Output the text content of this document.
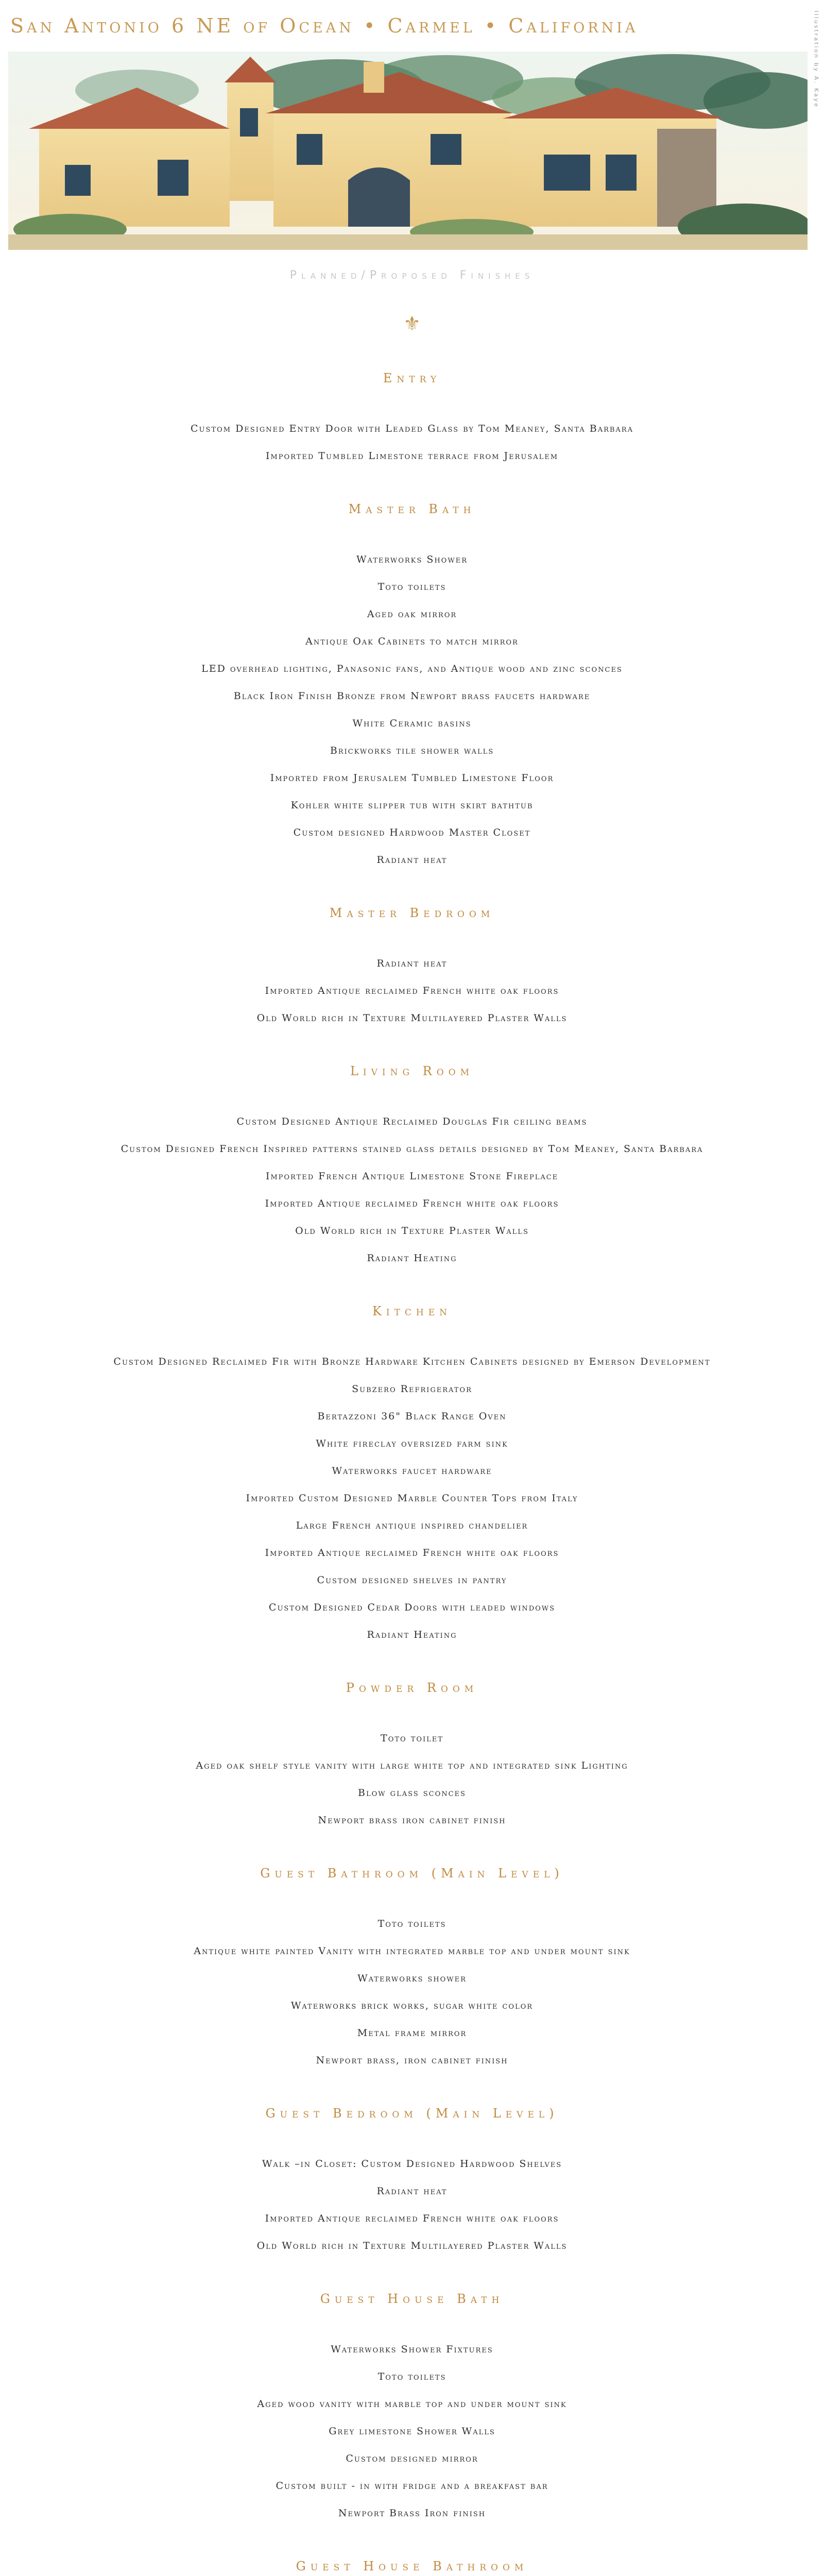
San Antonio 6 NE of Ocean • Carmel • California	Illustration by A. Kaye
Planned/Proposed Finishes
⚜
Entry
Custom Designed Entry Door with Leaded Glass by Tom Meaney, Santa Barbara
Imported Tumbled Limestone terrace from Jerusalem
Master Bath
Waterworks Shower
Toto toilets
Aged oak mirror
Antique Oak Cabinets to match mirror
LED overhead lighting, Panasonic fans, and Antique wood and zinc sconces
Black Iron Finish Bronze from Newport brass faucets hardware
White Ceramic basins
Brickworks tile shower walls
Imported from Jerusalem Tumbled Limestone Floor
Kohler white slipper tub with skirt bathtub
Custom designed Hardwood Master Closet
Radiant heat
Master Bedroom
Radiant heat
Imported Antique reclaimed French white oak floors
Old World rich in Texture Multilayered Plaster Walls
Living Room
Custom Designed Antique Reclaimed Douglas Fir ceiling beams
Custom Designed French Inspired patterns stained glass details designed by Tom Meaney, Santa Barbara
Imported French Antique Limestone Stone Fireplace
Imported Antique reclaimed French white oak floors
Old World rich in Texture Plaster Walls
Radiant Heating
Kitchen
Custom Designed Reclaimed Fir with Bronze Hardware Kitchen Cabinets designed by Emerson Development
Subzero Refrigerator
Bertazzoni 36" Black Range Oven
White fireclay oversized farm sink
Waterworks faucet hardware
Imported Custom Designed Marble Counter Tops from Italy
Large French antique inspired chandelier
Imported Antique reclaimed French white oak floors
Custom designed shelves in pantry
Custom Designed Cedar Doors with leaded windows
Radiant Heating
Powder Room
Toto toilet
Aged oak shelf style vanity with large white top and integrated sink Lighting
Blow glass sconces
Newport brass iron cabinet finish
Guest Bathroom (Main Level)
Toto toilets
Antique white painted Vanity with integrated marble top and under mount sink
Waterworks shower
Waterworks brick works, sugar white color
Metal frame mirror
Newport brass, iron cabinet finish
Guest Bedroom (Main Level)
Walk –in Closet: Custom Designed Hardwood Shelves
Radiant heat
Imported Antique reclaimed French white oak floors
Old World rich in Texture Multilayered Plaster Walls
Guest House Bath
Waterworks Shower Fixtures
Toto toilets
Aged wood vanity with marble top and under mount sink
Grey limestone Shower Walls
Custom designed mirror
Custom built - in with fridge and a breakfast bar
Newport Brass Iron finish
Guest House Bathroom
